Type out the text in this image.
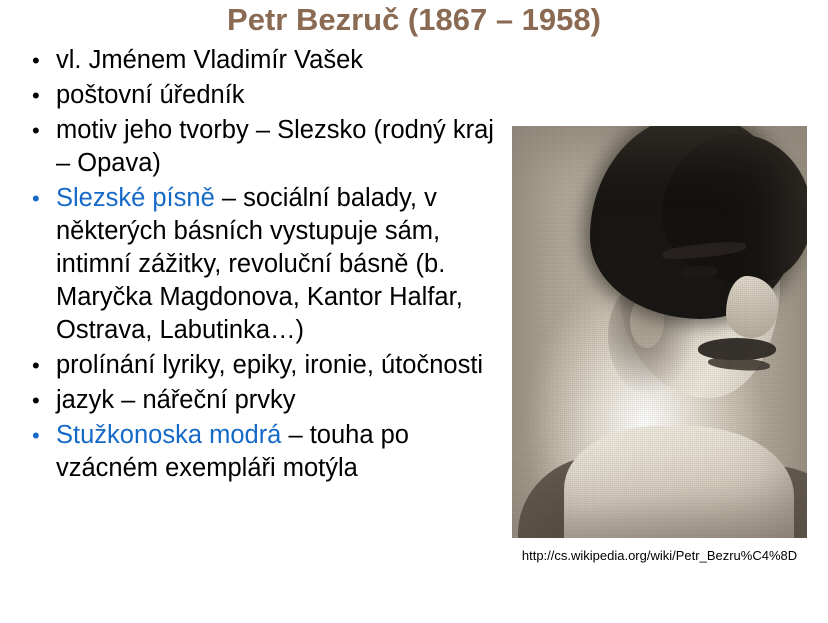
Petr Bezruč (1867 – 1958)
• vl. Jménem Vladimír Vašek
• poštovní úředník
• motiv jeho tvorby – Slezsko (rodný kraj – Opava)
• Slezské písně – sociální balady, v některých básních vystupuje sám, intimní zážitky, revoluční básně (b. Maryčka Magdonova, Kantor Halfar, Ostrava, Labutinka…)
• prolínání lyriky, epiky, ironie, útočnosti
• jazyk – nářeční prvky
• Stužkonoska modrá – touha po vzácném exempláři motýla
http://cs.wikipedia.org/wiki/Petr_Bezru%C4%8D
